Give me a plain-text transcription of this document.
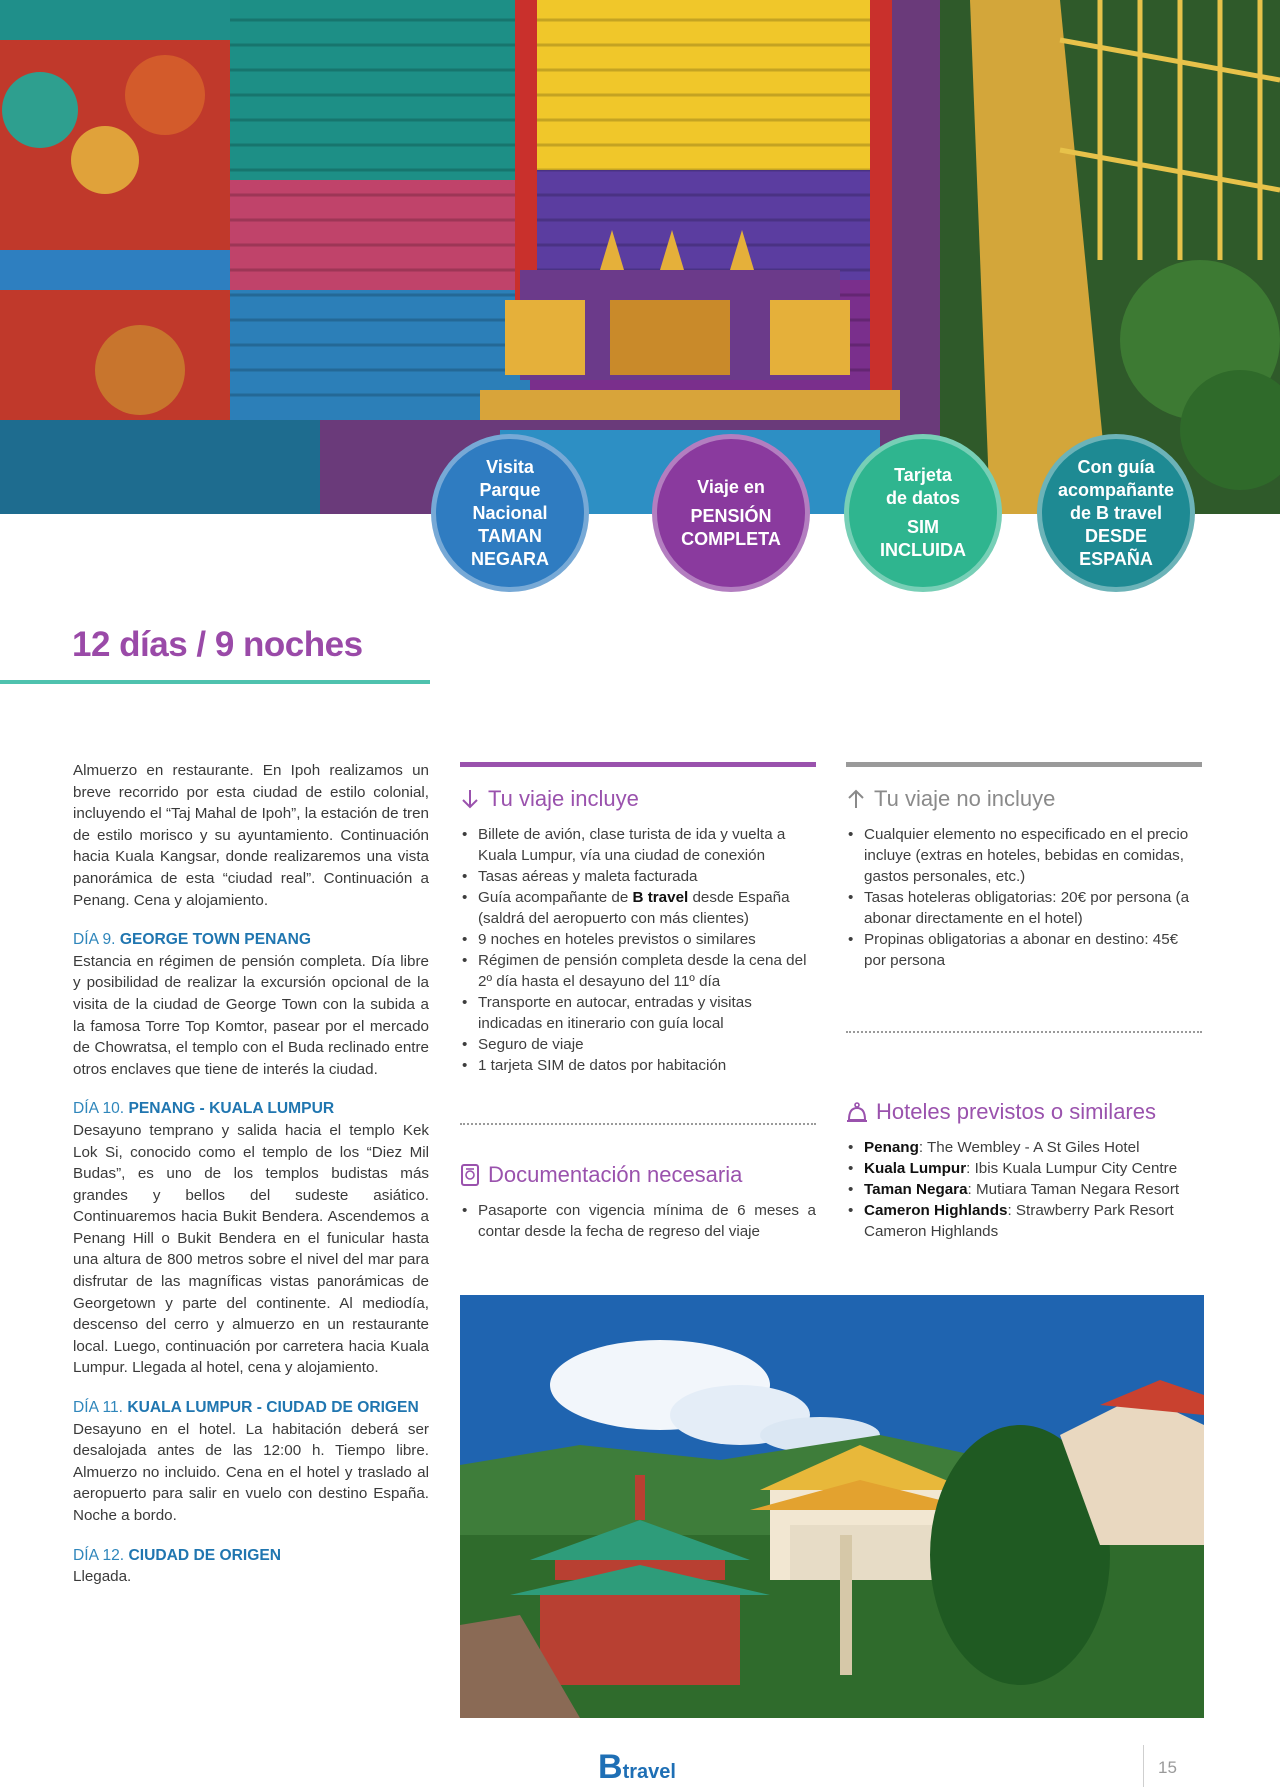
Visita
Parque
Nacional
TAMAN
NEGARA
Viaje en
PENSIÓN
COMPLETA
Tarjeta
de datos
SIM
INCLUIDA
Con guía
acompañante
de B travel
DESDE
ESPAÑA
12 días / 9 noches

Almuerzo en restaurante. En Ipoh realizamos un breve recorrido por esta ciudad de estilo colonial, incluyendo el “Taj Mahal de Ipoh”, la estación de tren de estilo morisco y su ayuntamiento. Continuación hacia Kuala Kangsar, donde realizaremos una vista panorámica de esta “ciudad real”. Continuación a Penang. Cena y alojamiento.

DÍA 9. GEORGE TOWN PENANG

Estancia en régimen de pensión completa. Día libre y posibilidad de realizar la excursión opcional de la visita de la ciudad de George Town con la subida a la famosa Torre Top Komtor, pasear por el mercado de Chowratsa, el templo con el Buda reclinado entre otros enclaves que tiene de interés la ciudad.

DÍA 10. PENANG - KUALA LUMPUR

Desayuno temprano y salida hacia el templo Kek Lok Si, conocido como el templo de los “Diez Mil Budas”, es uno de los templos budistas más grandes y bellos del sudeste asiático. Continuaremos hacia Bukit Bendera. Ascendemos a Penang Hill o Bukit Bendera en el funicular hasta una altura de 800 metros sobre el nivel del mar para disfrutar de las magníficas vistas panorámicas de Georgetown y parte del continente. Al mediodía, descenso del cerro y almuerzo en un restaurante local. Luego, continuación por carretera hacia Kuala Lumpur. Llegada al hotel, cena y alojamiento.

DÍA 11. KUALA LUMPUR - CIUDAD DE ORIGEN

Desayuno en el hotel. La habitación deberá ser desalojada antes de las 12:00 h. Tiempo libre. Almuerzo no incluido. Cena en el hotel y traslado al aeropuerto para salir en vuelo con destino España. Noche a bordo.

DÍA 12. CIUDAD DE ORIGEN

Llegada.

Tu viaje incluye
• Billete de avión, clase turista de ida y vuelta a Kuala Lumpur, vía una ciudad de conexión
• Tasas aéreas y maleta facturada
• Guía acompañante de B travel desde España (saldrá del aeropuerto con más clientes)
• 9 noches en hoteles previstos o similares
• Régimen de pensión completa desde la cena del 2º día hasta el desayuno del 11º día
• Transporte en autocar, entradas y visitas indicadas en itinerario con guía local
• Seguro de viaje
• 1 tarjeta SIM de datos por habitación
Documentación necesaria
• Pasaporte con vigencia mínima de 6 meses a contar desde la fecha de regreso del viaje
Tu viaje no incluye
• Cualquier elemento no especificado en el precio incluye (extras en hoteles, bebidas en comidas, gastos personales, etc.)
• Tasas hoteleras obligatorias: 20€ por persona (a abonar directamente en el hotel)
• Propinas obligatorias a abonar en destino: 45€ por persona
Hoteles previstos o similares
• Penang: The Wembley - A St Giles Hotel
• Kuala Lumpur: Ibis Kuala Lumpur City Centre
• Taman Negara: Mutiara Taman Negara Resort
• Cameron Highlands: Strawberry Park Resort Cameron Highlands
Btravel	15
